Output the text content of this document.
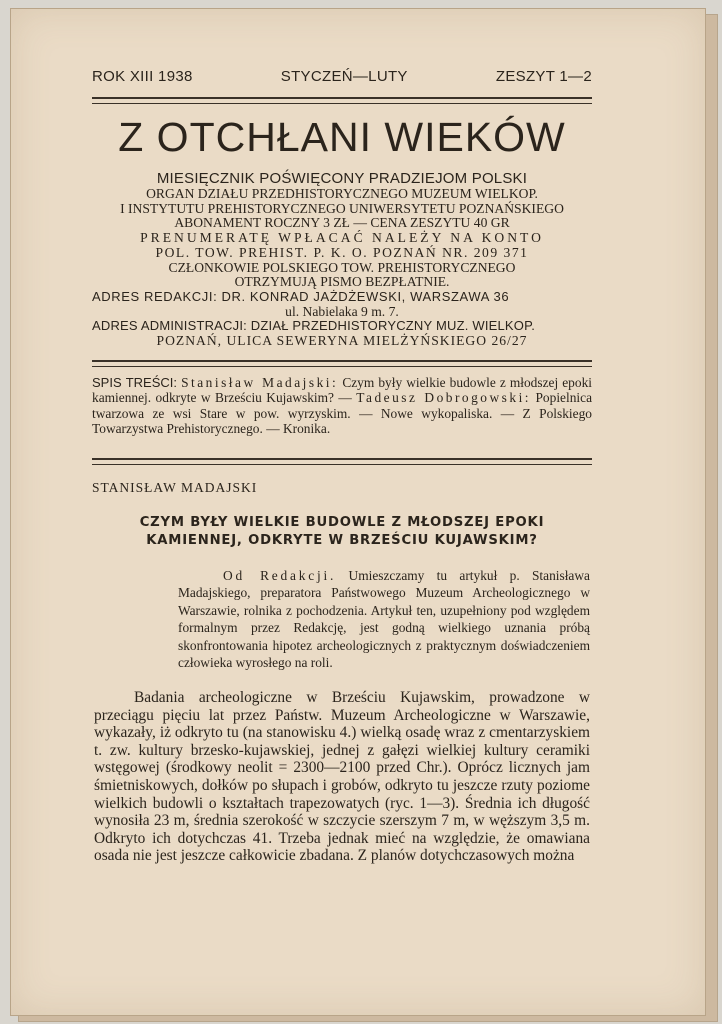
ROK XIII 1938	STYCZEŃ—LUTY	ZESZYT 1—2
Z OTCHŁANI WIEKÓW
MIESIĘCZNIK POŚWIĘCONY PRADZIEJOM POLSKI
ORGAN DZIAŁU PRZEDHISTORYCZNEGO MUZEUM WIELKOP.
I INSTYTUTU PREHISTORYCZNEGO UNIWERSYTETU POZNAŃSKIEGO
ABONAMENT ROCZNY 3 ZŁ — CENA ZESZYTU 40 GR
PRENUMERATĘ WPŁACAĆ NALEŻY NA KONTO
POL. TOW. PREHIST. P. K. O. POZNAŃ NR. 209 371
CZŁONKOWIE POLSKIEGO TOW. PREHISTORYCZNEGO
OTRZYMUJĄ PISMO BEZPŁATNIE.
ADRES REDAKCJI: DR. KONRAD JAŻDŻEWSKI, WARSZAWA 36
ul. Nabielaka 9 m. 7.
ADRES ADMINISTRACJI: DZIAŁ PRZEDHISTORYCZNY MUZ. WIELKOP.
POZNAŃ, ULICA SEWERYNA MIELŻYŃSKIEGO 26/27
SPIS TREŚCI: Stanisław Madajski: Czym były wielkie budowle z młodszej epoki kamiennej. odkryte w Brześciu Kujawskim? — Tadeusz Dobrogowski: Popielnica twarzowa ze wsi Stare w pow. wyrzyskim. — Nowe wykopaliska. — Z Polskiego Towarzystwa Prehistorycznego. — Kronika.
STANISŁAW MADAJSKI
CZYM BYŁY WIELKIE BUDOWLE Z MŁODSZEJ EPOKI
KAMIENNEJ, ODKRYTE W BRZEŚCIU KUJAWSKIM?
Od Redakcji. Umieszczamy tu artykuł p. Stanisława Madajskiego, preparatora Państwowego Muzeum Archeologicznego w Warszawie, rolnika z pochodzenia. Artykuł ten, uzupełniony pod względem formalnym przez Redakcję, jest godną wielkiego uznania próbą skonfrontowania hipotez archeologicznych z praktycznym doświadczeniem człowieka wyrosłego na roli.
Badania archeologiczne w Brześciu Kujawskim, prowadzone w przeciągu pięciu lat przez Państw. Muzeum Archeologiczne w Warszawie, wykazały, iż odkryto tu (na stanowisku 4.) wielką osadę wraz z cmentarzyskiem t. zw. kultury brzesko-kujawskiej, jednej z gałęzi wielkiej kultury ceramiki wstęgowej (środkowy neolit = 2300—2100 przed Chr.). Oprócz licznych jam śmietniskowych, dołków po słupach i grobów, odkryto tu jeszcze rzuty poziome wielkich budowli o kształtach trapezowatych (ryc. 1—3). Średnia ich długość wynosiła 23 m, średnia szerokość w szczycie szerszym 7 m, w węższym 3,5 m. Odkryto ich dotychczas 41. Trzeba jednak mieć na względzie, że omawiana osada nie jest jeszcze całkowicie zbadana. Z planów dotychczasowych można
